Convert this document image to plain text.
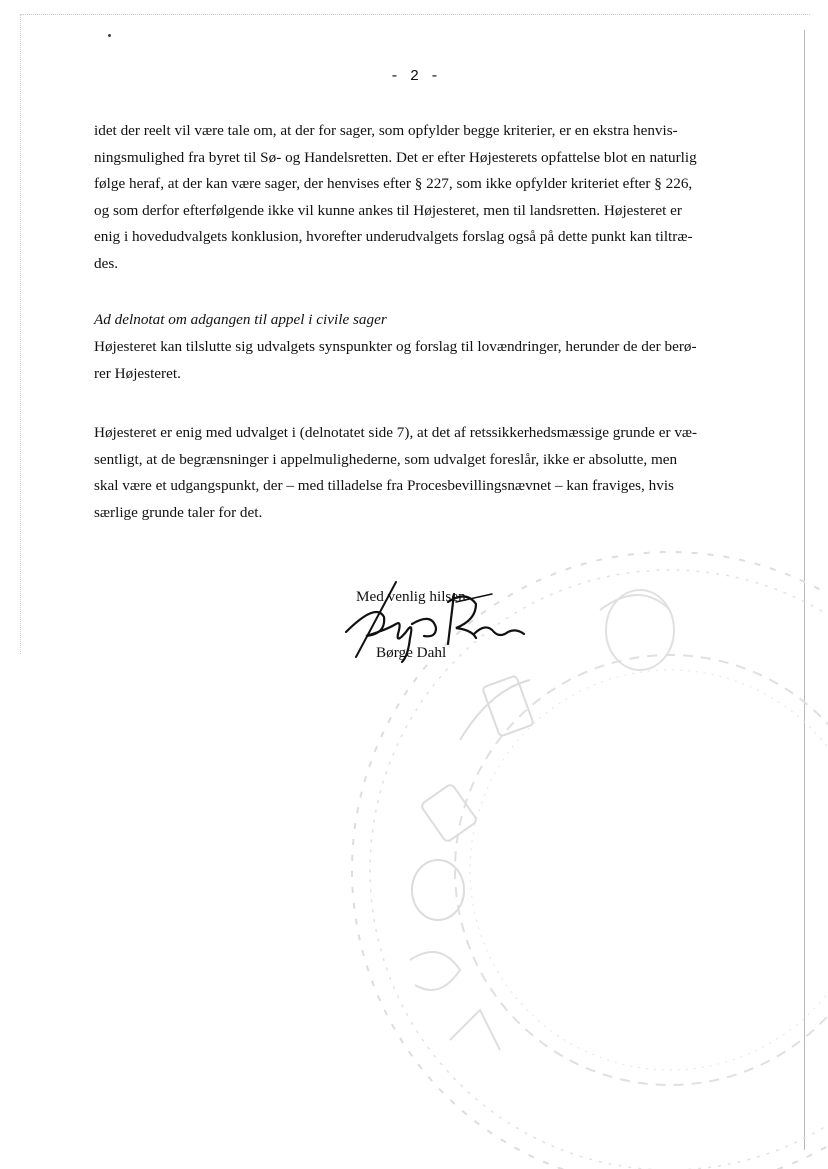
- 2 -
idet der reelt vil være tale om, at der for sager, som opfylder begge kriterier, er en ekstra henvis-
ningsmulighed fra byret til Sø- og Handelsretten. Det er efter Højesterets opfattelse blot en naturlig
følge heraf, at der kan være sager, der henvises efter § 227, som ikke opfylder kriteriet efter § 226,
og som derfor efterfølgende ikke vil kunne ankes til Højesteret, men til landsretten. Højesteret er
enig i hovedudvalgets konklusion, hvorefter underudvalgets forslag også på dette punkt kan tiltræ-
des.
Ad delnotat om adgangen til appel i civile sager
Højesteret kan tilslutte sig udvalgets synspunkter og forslag til lovændringer, herunder de der berø-
rer Højesteret.
Højesteret er enig med udvalget i (delnotatet side 7), at det af retssikkerhedsmæssige grunde er væ-
sentligt, at de begrænsninger i appelmulighederne, som udvalget foreslår, ikke er absolutte, men
skal være et udgangspunkt, der – med tilladelse fra Procesbevillingsnævnet – kan fraviges, hvis
særlige grunde taler for det.
Med venlig hilsen
Børge Dahl
